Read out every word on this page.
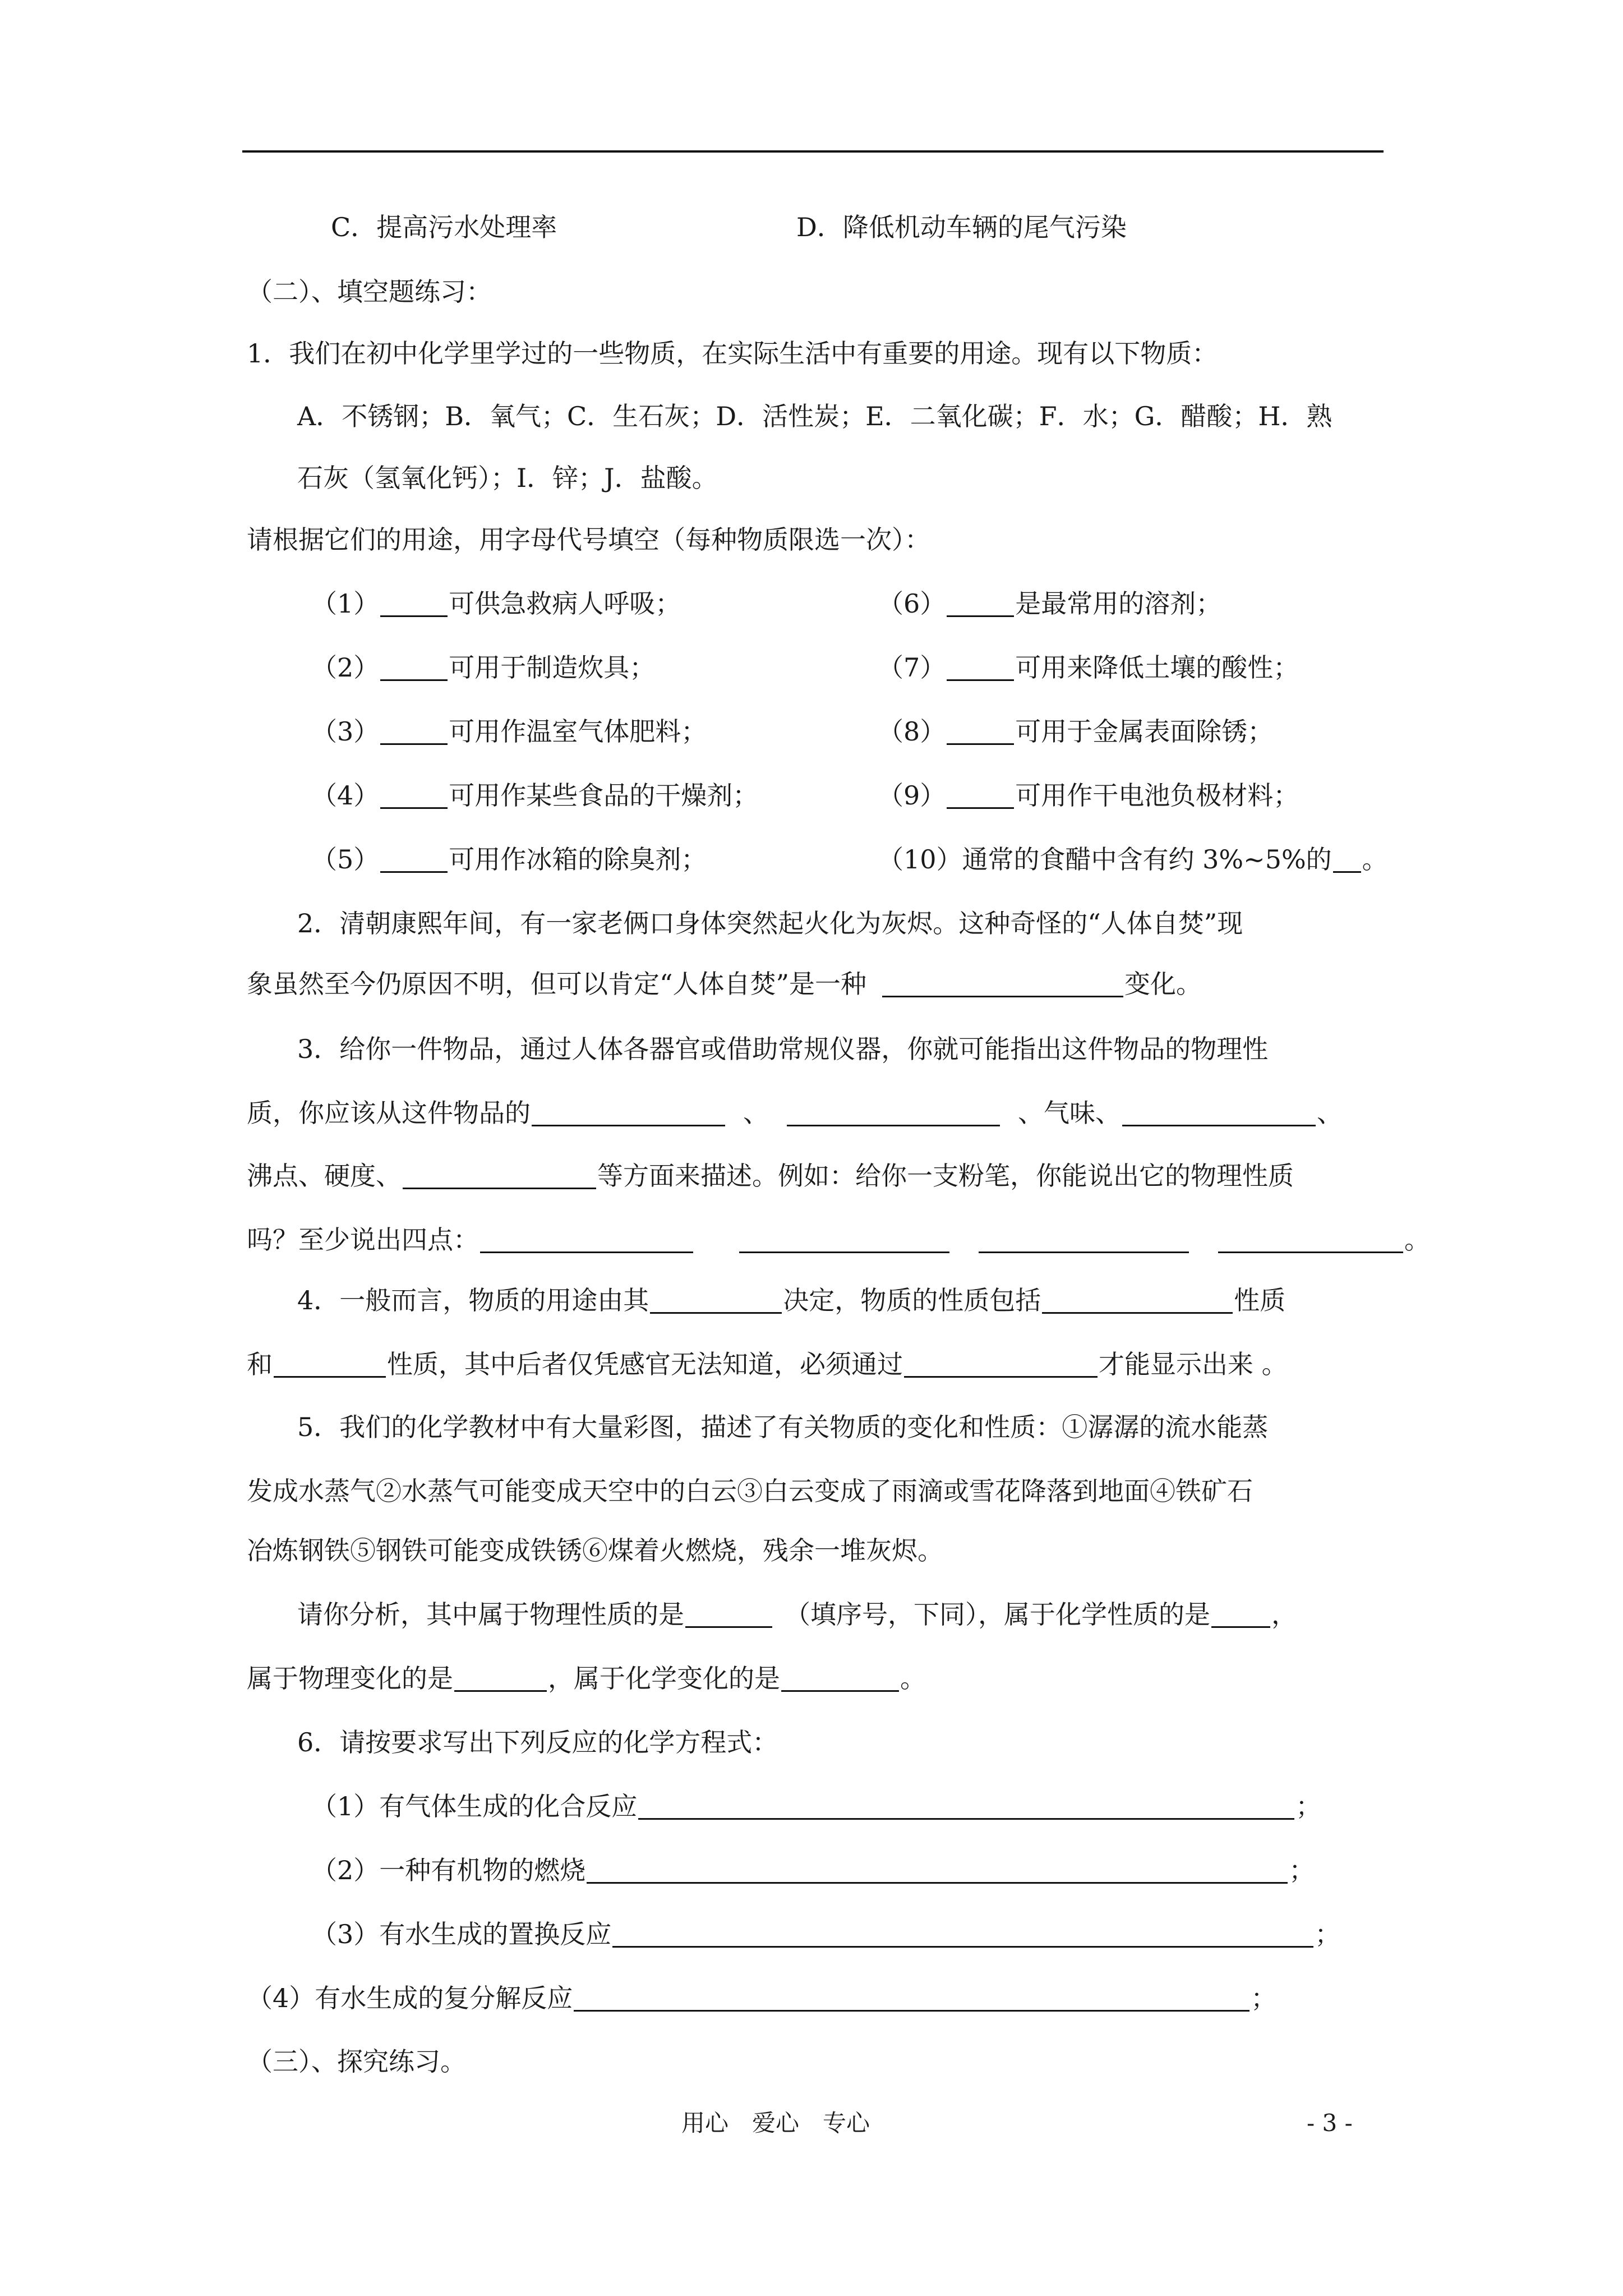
C．提高污水处理率	D．降低机动车辆的尾气污染
（二）、填空题练习：
1．我们在初中化学里学过的一些物质，在实际生活中有重要的用途。现有以下物质：
A．不锈钢；B．氧气；C．生石灰；D．活性炭；E．二氧化碳；F．水；G．醋酸；H．熟
石灰（氢氧化钙）；I．锌；J．盐酸。
请根据它们的用途，用字母代号填空（每种物质限选一次）：
（1）	可供急救病人呼吸；
（2）	可用于制造炊具；
（3）	可用作温室气体肥料；
（4）	可用作某些食品的干燥剂；
（5）	可用作冰箱的除臭剂；
（6）	是最常用的溶剂；
（7）	可用来降低土壤的酸性；
（8）	可用于金属表面除锈；
（9）	可用作干电池负极材料；
（10）通常的食醋中含有约 3%~5%的 。
2．清朝康熙年间，有一家老俩口身体突然起火化为灰烬。这种奇怪的“人体自焚”现
象虽然至今仍原因不明，但可以肯定“人体自焚”是一种	变化。
3．给你一件物品，通过人体各器官或借助常规仪器，你就可能指出这件物品的物理性
质，你应该从这件物品的	、	、气味、	、
沸点、硬度、	等方面来描述。例如：给你一支粉笔，你能说出它的物理性质
吗？至少说出四点：	。
4．一般而言，物质的用途由其	决定，物质的性质包括	性质
和	性质，其中后者仅凭感官无法知道，必须通过	才能显示出来 。
5．我们的化学教材中有大量彩图，描述了有关物质的变化和性质：①潺潺的流水能蒸
发成水蒸气②水蒸气可能变成天空中的白云③白云变成了雨滴或雪花降落到地面④铁矿石
冶炼钢铁⑤钢铁可能变成铁锈⑥煤着火燃烧，残余一堆灰烬。
请你分析，其中属于物理性质的是	（填序号，下同），属于化学性质的是 ，
属于物理变化的是	，属于化学变化的是	。
6．请按要求写出下列反应的化学方程式：
（1）有气体生成的化合反应	；
（2）一种有机物的燃烧	；
（3）有水生成的置换反应	；
（4）有水生成的复分解反应	；
（三）、探究练习。
用心　爱心　专心	- 3 -
